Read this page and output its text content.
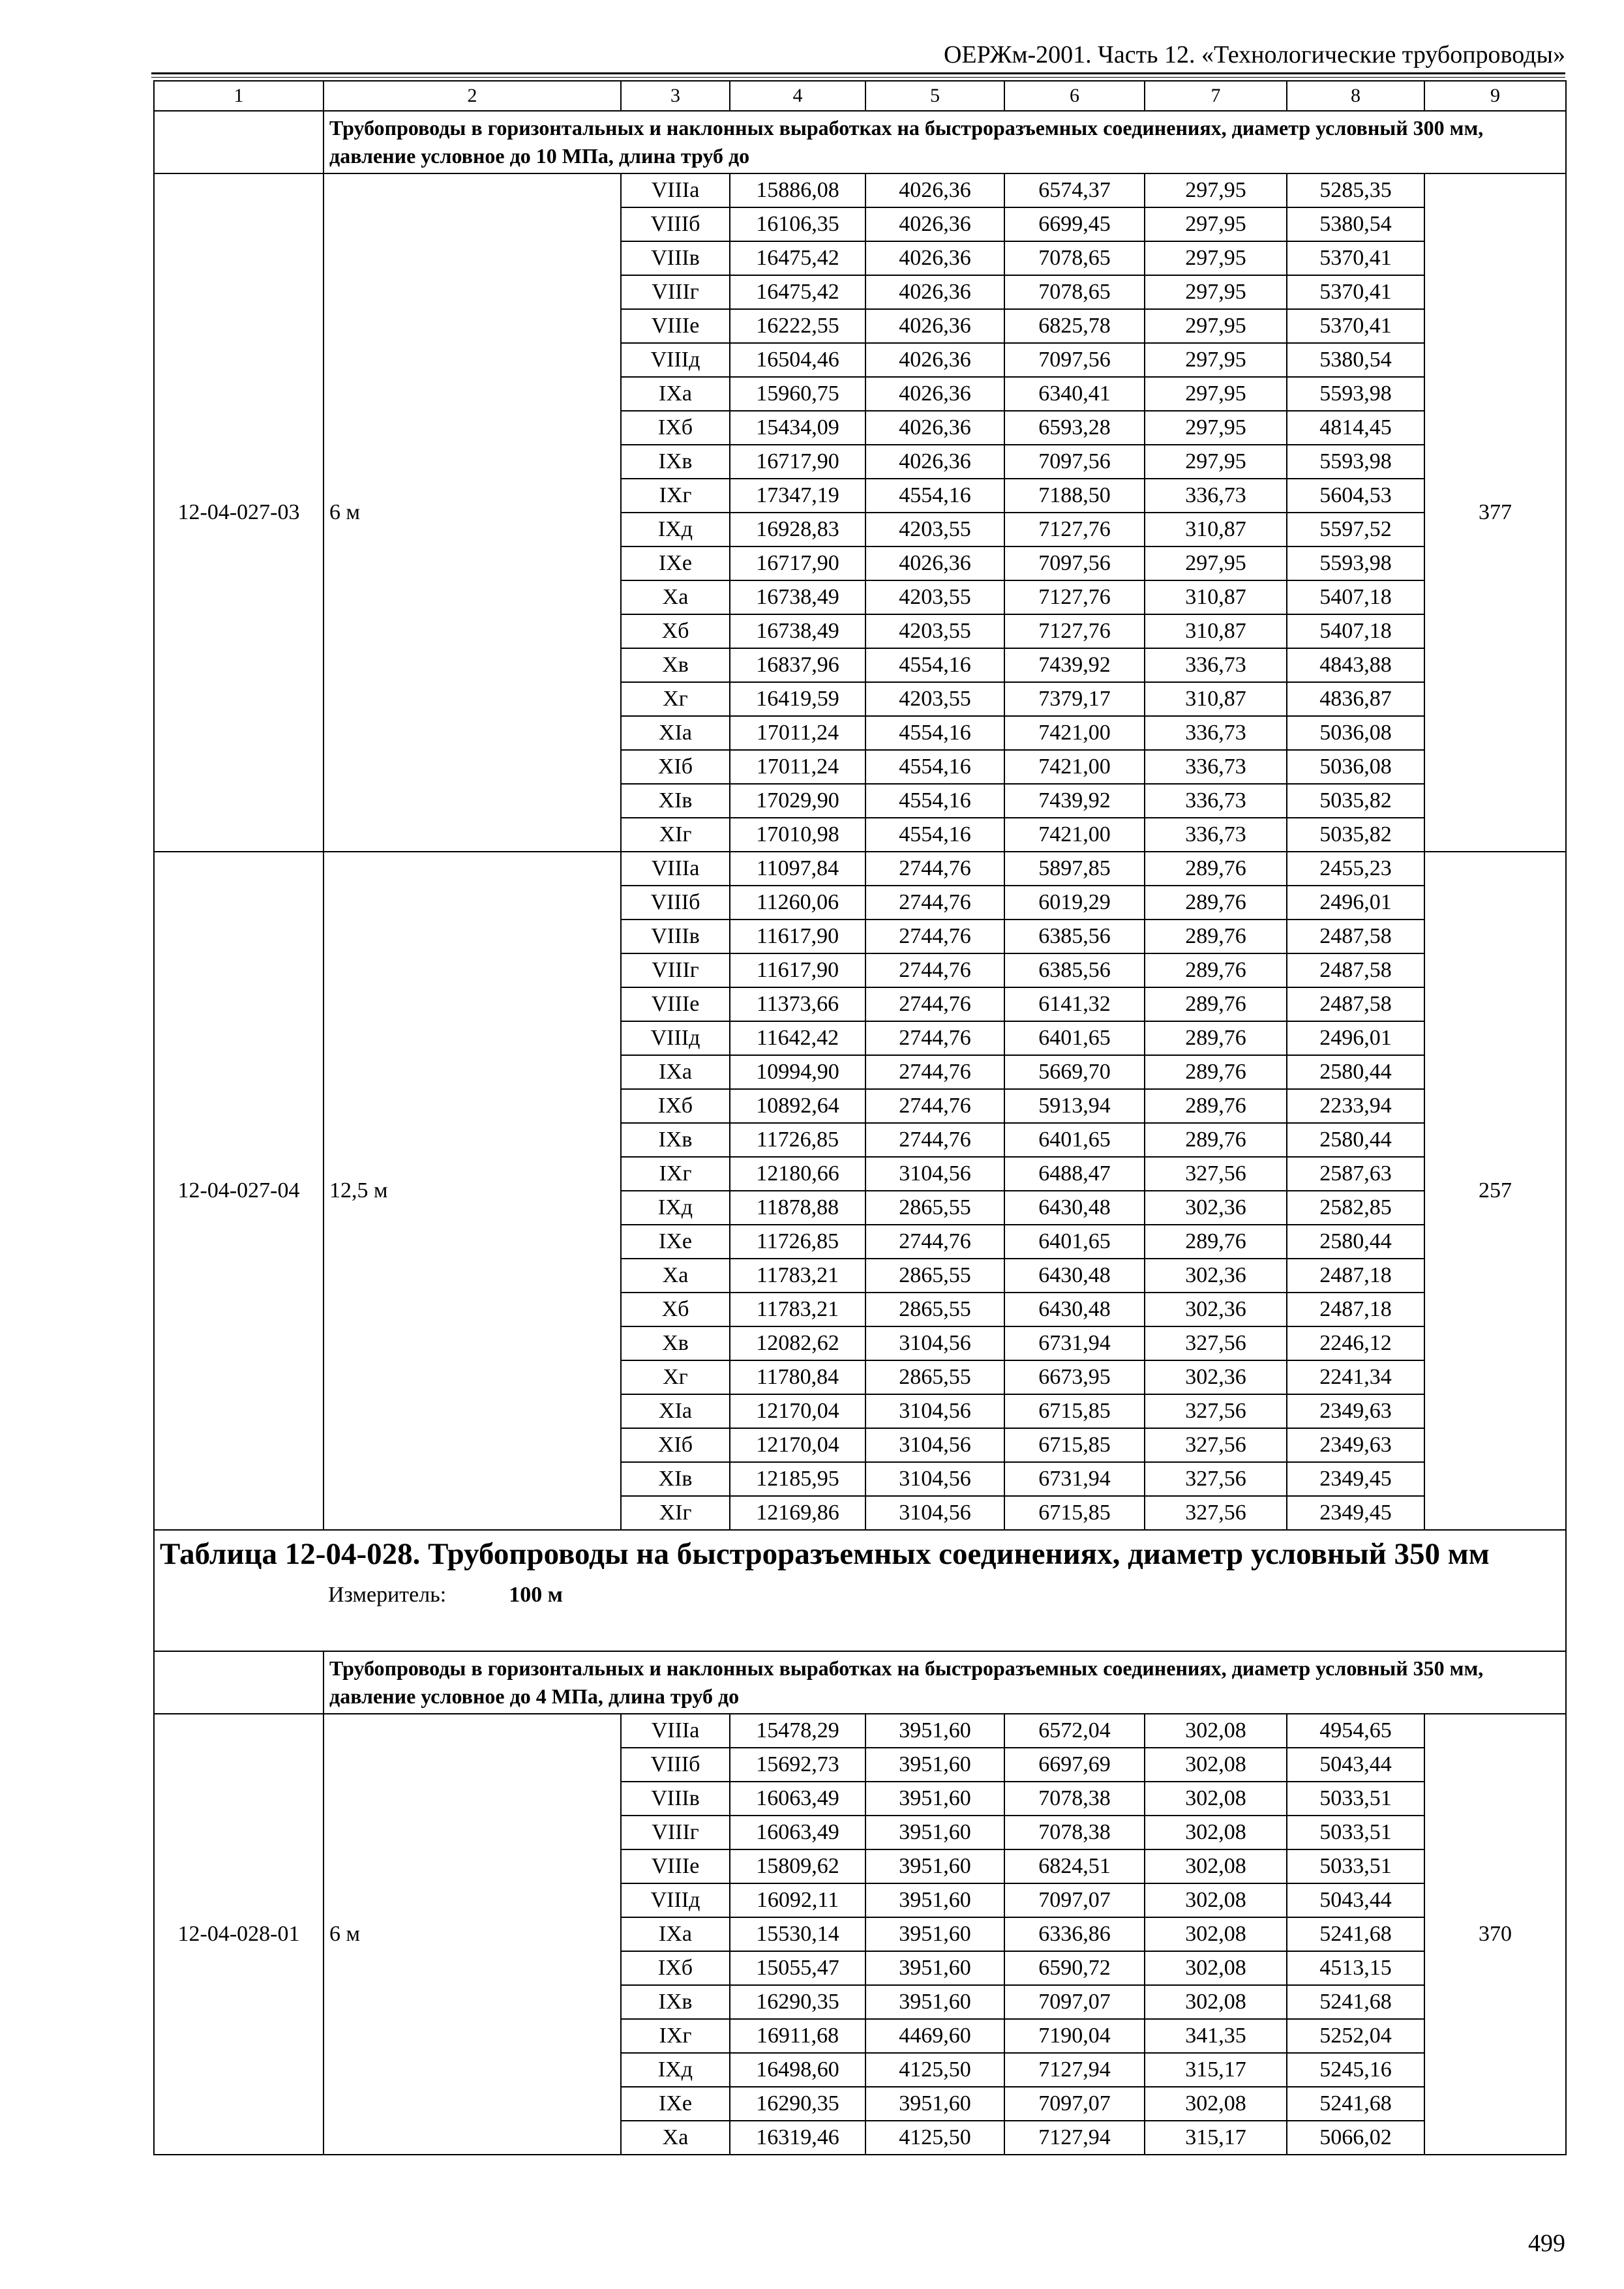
ОЕРЖм-2001. Часть 12. «Технологические трубопроводы»
1	2	3	4	5	6	7	8	9
	Трубопроводы в горизонтальных и наклонных выработках на быстроразъемных соединениях, диаметр условный 300 мм, давление условное до 10 МПа, длина труб до							
12-04-027-03	6 м	VIIIа	15886,08	4026,36	6574,37	297,95	5285,35	377
		VIIIб	16106,35	4026,36	6699,45	297,95	5380,54	
		VIIIв	16475,42	4026,36	7078,65	297,95	5370,41	
		VIIIг	16475,42	4026,36	7078,65	297,95	5370,41	
		VIIIе	16222,55	4026,36	6825,78	297,95	5370,41	
		VIIIд	16504,46	4026,36	7097,56	297,95	5380,54	
		IXа	15960,75	4026,36	6340,41	297,95	5593,98	
		IXб	15434,09	4026,36	6593,28	297,95	4814,45	
		IXв	16717,90	4026,36	7097,56	297,95	5593,98	
		IXг	17347,19	4554,16	7188,50	336,73	5604,53	
		IXд	16928,83	4203,55	7127,76	310,87	5597,52	
		IXе	16717,90	4026,36	7097,56	297,95	5593,98	
		Xа	16738,49	4203,55	7127,76	310,87	5407,18	
		Xб	16738,49	4203,55	7127,76	310,87	5407,18	
		Xв	16837,96	4554,16	7439,92	336,73	4843,88	
		Xг	16419,59	4203,55	7379,17	310,87	4836,87	
		XIа	17011,24	4554,16	7421,00	336,73	5036,08	
		XIб	17011,24	4554,16	7421,00	336,73	5036,08	
		XIв	17029,90	4554,16	7439,92	336,73	5035,82	
		XIг	17010,98	4554,16	7421,00	336,73	5035,82	
12-04-027-04	12,5 м	VIIIа	11097,84	2744,76	5897,85	289,76	2455,23	257
		VIIIб	11260,06	2744,76	6019,29	289,76	2496,01	
		VIIIв	11617,90	2744,76	6385,56	289,76	2487,58	
		VIIIг	11617,90	2744,76	6385,56	289,76	2487,58	
		VIIIе	11373,66	2744,76	6141,32	289,76	2487,58	
		VIIIд	11642,42	2744,76	6401,65	289,76	2496,01	
		IXа	10994,90	2744,76	5669,70	289,76	2580,44	
		IXб	10892,64	2744,76	5913,94	289,76	2233,94	
		IXв	11726,85	2744,76	6401,65	289,76	2580,44	
		IXг	12180,66	3104,56	6488,47	327,56	2587,63	
		IXд	11878,88	2865,55	6430,48	302,36	2582,85	
		IXе	11726,85	2744,76	6401,65	289,76	2580,44	
		Xа	11783,21	2865,55	6430,48	302,36	2487,18	
		Xб	11783,21	2865,55	6430,48	302,36	2487,18	
		Xв	12082,62	3104,56	6731,94	327,56	2246,12	
		Xг	11780,84	2865,55	6673,95	302,36	2241,34	
		XIа	12170,04	3104,56	6715,85	327,56	2349,63	
		XIб	12170,04	3104,56	6715,85	327,56	2349,63	
		XIв	12185,95	3104,56	6731,94	327,56	2349,45	
		XIг	12169,86	3104,56	6715,85	327,56	2349,45	

Таблица 12-04-028. Трубопроводы на быстроразъемных соединениях, диаметр условный 350 мм
Измеритель: 100 м								

	Трубопроводы в горизонтальных и наклонных выработках на быстроразъемных соединениях, диаметр условный 350 мм, давление условное до 4 МПа, длина труб до							
12-04-028-01	6 м	VIIIа	15478,29	3951,60	6572,04	302,08	4954,65	370
		VIIIб	15692,73	3951,60	6697,69	302,08	5043,44	
		VIIIв	16063,49	3951,60	7078,38	302,08	5033,51	
		VIIIг	16063,49	3951,60	7078,38	302,08	5033,51	
		VIIIе	15809,62	3951,60	6824,51	302,08	5033,51	
		VIIIд	16092,11	3951,60	7097,07	302,08	5043,44	
		IXа	15530,14	3951,60	6336,86	302,08	5241,68	
		IXб	15055,47	3951,60	6590,72	302,08	4513,15	
		IXв	16290,35	3951,60	7097,07	302,08	5241,68	
		IXг	16911,68	4469,60	7190,04	341,35	5252,04	
		IXд	16498,60	4125,50	7127,94	315,17	5245,16	
		IXе	16290,35	3951,60	7097,07	302,08	5241,68	
		Xа	16319,46	4125,50	7127,94	315,17	5066,02	
499
